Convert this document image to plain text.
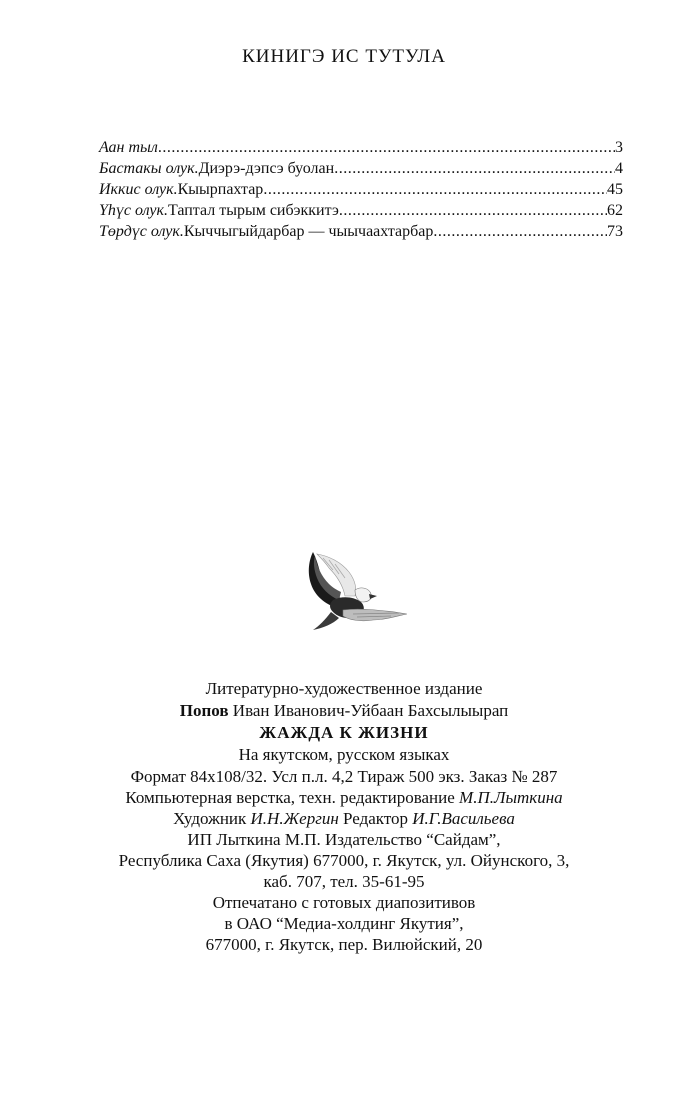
КИНИГЭ ИС ТУТУЛА
Аан тыл .....	3
Бастакы олук. Диэрэ-дэпсэ буолан .....	4
Иккис олук. Кыырпахтар .....	45
Үһүс олук. Таптал тырым сибэккитэ .....	62
Төрдүс олук. Кыччыгыйдарбар — чыычаахтарбар .....	73

Литературно-художественное издание

Попов Иван Иванович-Уйбаан Бахсылыырап

ЖАЖДА К ЖИЗНИ

На якутском, русском языках

Формат 84x108/32. Усл п.л. 4,2 Тираж 500 экз. Заказ № 287
Компьютерная верстка, техн. редактирование М.П.Лыткина
Художник И.Н.Жергин Редактор И.Г.Васильева

ИП Лыткина М.П. Издательство “Сайдам”,
Республика Саха (Якутия) 677000, г. Якутск, ул. Ойунского, 3,
каб. 707, тел. 35-61-95

Отпечатано с готовых диапозитивов
в ОАО “Медиа-холдинг Якутия”,
677000, г. Якутск, пер. Вилюйский, 20
